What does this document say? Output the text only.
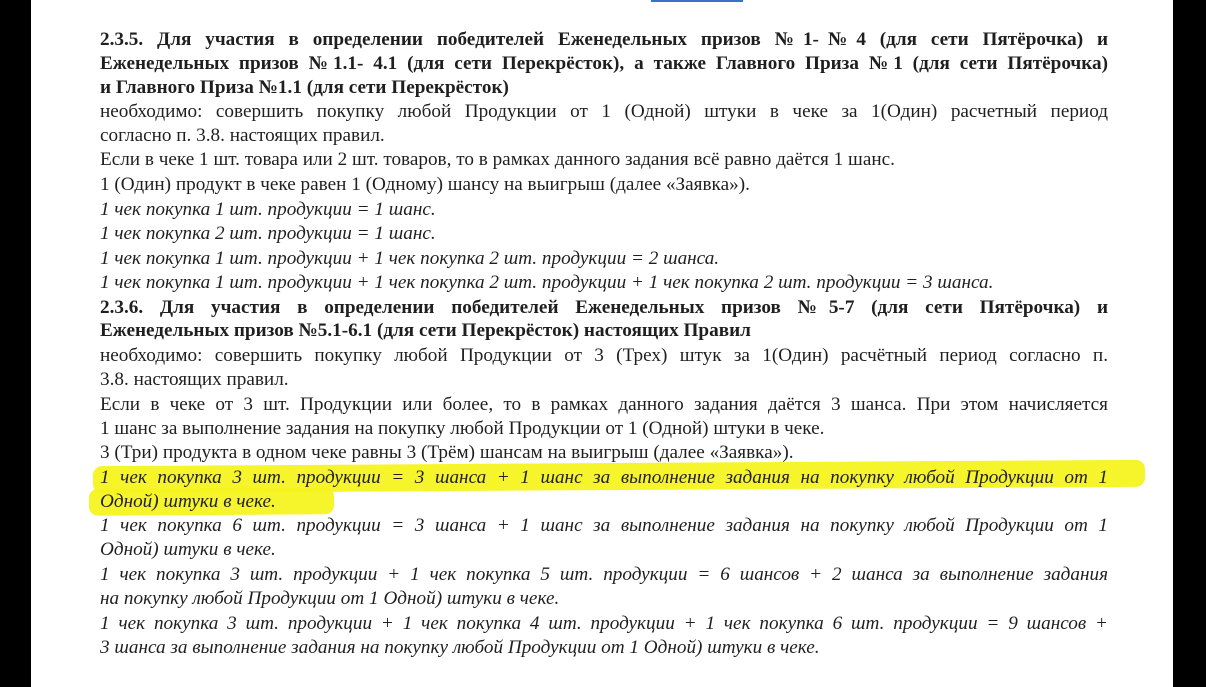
2.3.5. Для участия в определении победителей Еженедельных призов №1-№4 (для сети Пятёрочка) и
Еженедельных призов №1.1- 4.1 (для сети Перекрёсток), а также Главного Приза №1 (для сети Пятёрочка)
и Главного Приза №1.1 (для сети Перекрёсток)
необходимо: совершить покупку любой Продукции от 1 (Одной) штуки в чеке за 1(Один) расчетный период
согласно п. 3.8. настоящих правил.
Если в чеке 1 шт. товара или 2 шт. товаров, то в рамках данного задания всё равно даётся 1 шанс.
1 (Один) продукт в чеке равен 1 (Одному) шансу на выигрыш (далее «Заявка»).
1 чек покупка 1 шт. продукции = 1 шанс.
1 чек покупка 2 шт. продукции = 1 шанс.
1 чек покупка 1 шт. продукции + 1 чек покупка 2 шт. продукции = 2 шанса.
1 чек покупка 1 шт. продукции + 1 чек покупка 2 шт. продукции + 1 чек покупка 2 шт. продукции = 3 шанса.
2.3.6. Для участия в определении победителей Еженедельных призов №5-7 (для сети Пятёрочка) и
Еженедельных призов №5.1-6.1 (для сети Перекрёсток) настоящих Правил
необходимо: совершить покупку любой Продукции от 3 (Трех) штук за 1(Один) расчётный период согласно п.
3.8. настоящих правил.
Если в чеке от 3 шт. Продукции или более, то в рамках данного задания даётся 3 шанса. При этом начисляется
1 шанс за выполнение задания на покупку любой Продукции от 1 (Одной) штуки в чеке.
3 (Три) продукта в одном чеке равны 3 (Трём) шансам на выигрыш (далее «Заявка»).
1 чек покупка 3 шт. продукции = 3 шанса + 1 шанс за выполнение задания на покупку любой Продукции от 1
Одной) штуки в чеке.
1 чек покупка 6 шт. продукции = 3 шанса + 1 шанс за выполнение задания на покупку любой Продукции от 1
Одной) штуки в чеке.
1 чек покупка 3 шт. продукции + 1 чек покупка 5 шт. продукции = 6 шансов + 2 шанса за выполнение задания
на покупку любой Продукции от 1 Одной) штуки в чеке.
1 чек покупка 3 шт. продукции + 1 чек покупка 4 шт. продукции + 1 чек покупка 6 шт. продукции = 9 шансов +
3 шанса за выполнение задания на покупку любой Продукции от 1 Одной) штуки в чеке.
